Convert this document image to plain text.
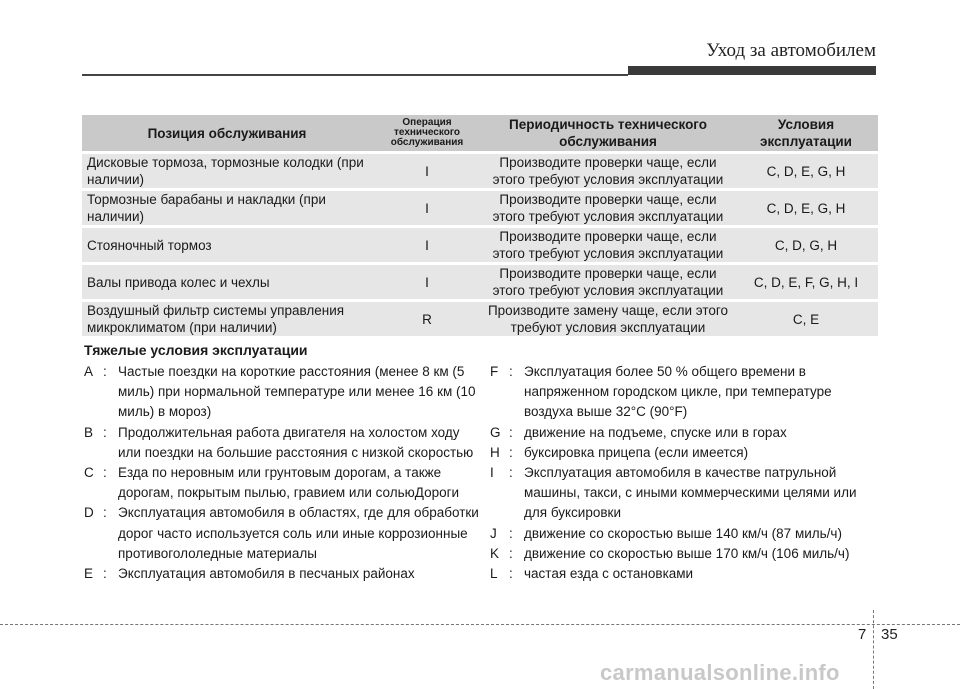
Уход за автомобилем
Позиция обслуживания	Операция технического обслуживания	Периодичность технического обслуживания	Условия эксплуатации
Дисковые тормоза, тормозные колодки (при наличии)	I	Производите проверки чаще, если этого требуют условия эксплуатации	C, D, E, G, H
Тормозные барабаны и накладки (при наличии)	I	Производите проверки чаще, если этого требуют условия эксплуатации	C, D, E, G, H
Стояночный тормоз	I	Производите проверки чаще, если этого требуют условия эксплуатации	C, D, G, H
Валы привода колес и чехлы	I	Производите проверки чаще, если этого требуют условия эксплуатации	C, D, E, F, G, H, I
Воздушный фильтр системы управления микроклиматом (при наличии)	R	Производите замену чаще, если этого требуют условия эксплуатации	C, E
Тяжелые условия эксплуатации
A : Частые поездки на короткие расстояния (менее 8 км (5 миль) при нормальной температуре или менее 16 км (10 миль) в мороз)
B : Продолжительная работа двигателя на холостом ходу или поездки на большие расстояния с низкой скоростью
C : Езда по неровным или грунтовым дорогам, а также дорогам, покрытым пылью, гравием или сольюДороги
D : Эксплуатация автомобиля в областях, где для обработки дорог часто используется соль или иные коррозионные противогололедные материалы
E : Эксплуатация автомобиля в песчаных районах
F : Эксплуатация более 50 % общего времени в напряженном городском цикле, при температуре воздуха выше 32°C (90°F)
G : движение на подъеме, спуске или в горах
H : буксировка прицепа (если имеется)
I	: Эксплуатация автомобиля в качестве патрульной машины, такси, с иными коммерческими целями или для буксировки
J : движение со скоростью выше 140 км/ч (87 миль/ч)
K : движение со скоростью выше 170 км/ч (106 миль/ч)
L : частая езда с остановками
7 35
carmanualsonline.info
